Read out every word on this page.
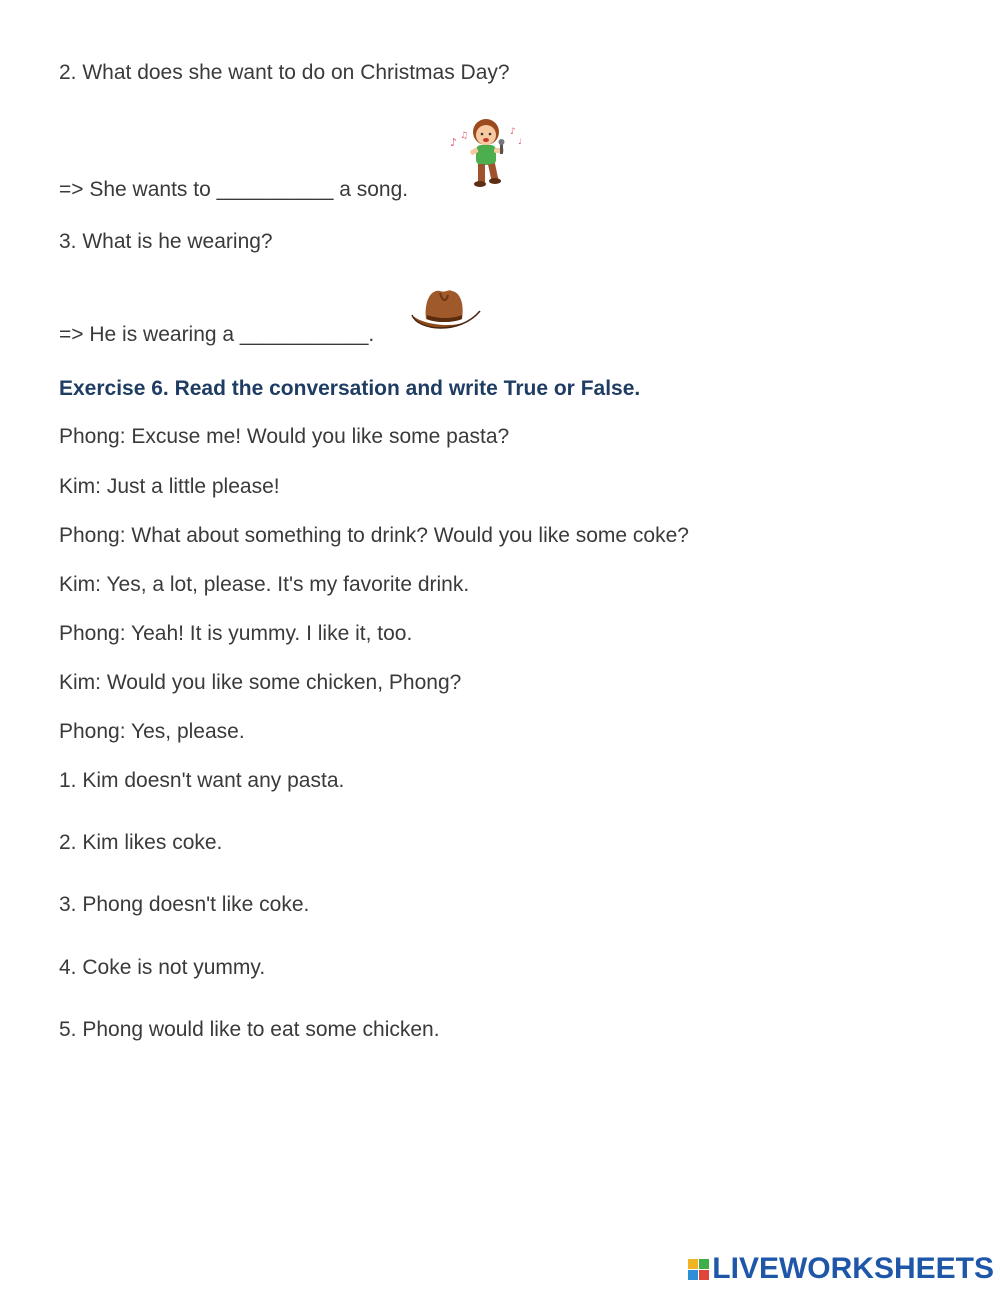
2. What does she want to do on Christmas Day?
♪ ♫	♪
♩
=> She wants to __________ a song.
3. What is he wearing?
=> He is wearing a ___________.
Exercise 6. Read the conversation and write True or False.
Phong: Excuse me! Would you like some pasta?
Kim: Just a little please!
Phong: What about something to drink? Would you like some coke?
Kim: Yes, a lot, please. It's my favorite drink.
Phong: Yeah! It is yummy. I like it, too.
Kim: Would you like some chicken, Phong?
Phong: Yes, please.
1. Kim doesn't want any pasta.
2. Kim likes coke.
3. Phong doesn't like coke.
4. Coke is not yummy.
5. Phong would like to eat some chicken.
LIVEWORKSHEETS
